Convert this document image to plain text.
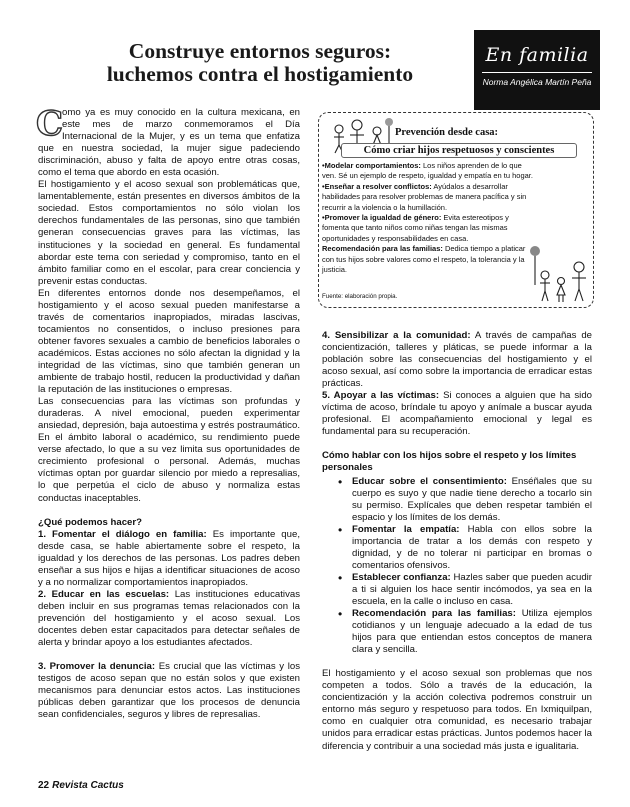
Construye entornos seguros:
luchemos contra el hostigamiento
En familia
Norma Angélica Martín Peña

C
omo ya es muy conocido en la cultura mexicana, en este mes de marzo conmemoramos el Día Internacional de la Mujer, y es un tema que enfatiza que en nuestra sociedad, la mujer sigue padeciendo discriminación, abuso y falta de apoyo entre otras cosas, como el tema que abordo en esta ocasión.

El hostigamiento y el acoso sexual son problemáticas que, lamentablemente, están presentes en diversos ámbitos de la sociedad. Estos comportamientos no sólo violan los derechos fundamentales de las personas, sino que también generan consecuencias graves para las víctimas, las instituciones y la sociedad en general. Es fundamental abordar este tema con seriedad y compromiso, tanto en el ámbito familiar como en el escolar, para crear conciencia y prevenir estas conductas.

En diferentes entornos donde nos desempeñamos, el hostigamiento y el acoso sexual pueden manifestarse a través de comentarios inapropiados, miradas lascivas, tocamientos no consentidos, o incluso presiones para obtener favores sexuales a cambio de beneficios laborales o académicos. Estas acciones no sólo afectan la dignidad y la integridad de las víctimas, sino que también generan un ambiente de trabajo hostil, reducen la productividad y dañan la reputación de las instituciones o empresas.

Las consecuencias para las víctimas son profundas y duraderas. A nivel emocional, pueden experimentar ansiedad, depresión, baja autoestima y estrés postraumático. En el ámbito laboral o académico, su rendimiento puede verse afectado, lo que a su vez limita sus oportunidades de crecimiento profesional o personal. Además, muchas víctimas optan por guardar silencio por miedo a represalias, lo que perpetúa el ciclo de abuso y normaliza estas conductas inaceptables.

¿Qué podemos hacer?

1. Fomentar el diálogo en familia: Es importante que, desde casa, se hable abiertamente sobre el respeto, la igualdad y los derechos de las personas. Los padres deben enseñar a sus hijos e hijas a identificar situaciones de acoso y a no normalizar comportamientos inapropiados.

2. Educar en las escuelas: Las instituciones educativas deben incluir en sus programas temas relacionados con la prevención del hostigamiento y el acoso sexual. Los docentes deben estar capacitados para detectar señales de alerta y brindar apoyo a los estudiantes afectados.

3. Promover la denuncia: Es crucial que las víctimas y los testigos de acoso sepan que no están solos y que existen mecanismos para denunciar estos actos. Las instituciones públicas deben garantizar que los procesos de denuncia sean confidenciales, seguros y libres de represalias.

Prevención desde casa:
Cómo criar hijos respetuosos y conscientes

•Modelar comportamientos: Los niños aprenden de lo que ven. Sé un ejemplo de respeto, igualdad y empatía en tu hogar.

•Enseñar a resolver conflictos: Ayúdalos a desarrollar habilidades para resolver problemas de manera pacífica y sin recurrir a la violencia o la humillación.

•Promover la igualdad de género: Evita estereotipos y fomenta que tanto niños como niñas tengan las mismas oportunidades y responsabilidades en casa.

Recomendación para las familias: Dedica tiempo a platicar con tus hijos sobre valores como el respeto, la tolerancia y la justicia.

Fuente: elaboración propia.

4. Sensibilizar a la comunidad: A través de campañas de concientización, talleres y pláticas, se puede informar a la población sobre las consecuencias del hostigamiento y el acoso sexual, así como sobre la importancia de erradicar estas prácticas.

5. Apoyar a las víctimas: Si conoces a alguien que ha sido víctima de acoso, bríndale tu apoyo y anímale a buscar ayuda profesional. El acompañamiento emocional y legal es fundamental para su recuperación.

Cómo hablar con los hijos sobre el respeto y los límites personales

• Educar sobre el consentimiento: Enséñales que su cuerpo es suyo y que nadie tiene derecho a tocarlo sin su permiso. Explícales que deben respetar también el espacio y los límites de los demás.
• Fomentar la empatía: Habla con ellos sobre la importancia de tratar a los demás con respeto y dignidad, y de no tolerar ni participar en bromas o comentarios ofensivos.
• Establecer confianza: Hazles saber que pueden acudir a ti si alguien los hace sentir incómodos, ya sea en la escuela, en la calle o incluso en casa.
• Recomendación para las familias: Utiliza ejemplos cotidianos y un lenguaje adecuado a la edad de tus hijos para que entiendan estos conceptos de manera clara y sencilla.

El hostigamiento y el acoso sexual son problemas que nos competen a todos. Sólo a través de la educación, la concientización y la acción colectiva podremos construir un entorno más seguro y respetuoso para todos. En Ixmiquilpan, como en cualquier otra comunidad, es necesario trabajar unidos para erradicar estas prácticas. Juntos podemos hacer la diferencia y contribuir a una sociedad más justa e igualitaria.

22 Revista Cactus
